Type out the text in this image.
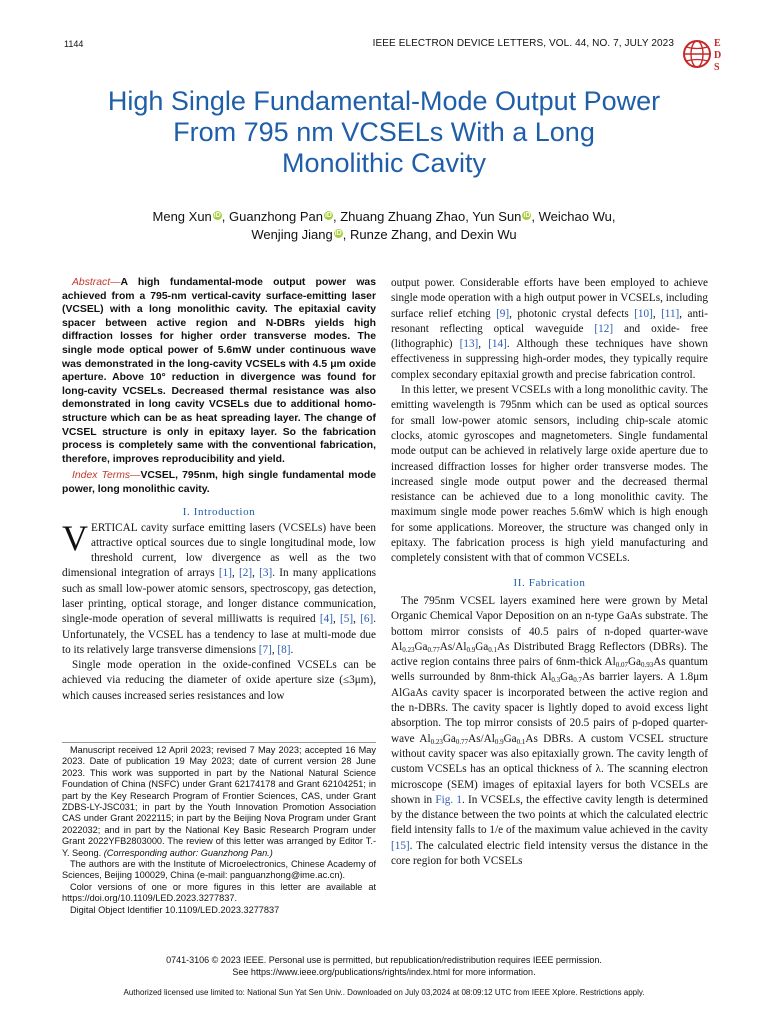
1144	IEEE ELECTRON DEVICE LETTERS, VOL. 44, NO. 7, JULY 2023	E
D
S
High Single Fundamental-Mode Output Power
From 795 nm VCSELs With a Long
Monolithic Cavity
Meng Xun iD, Guanzhong Pan iD, Zhuang Zhuang Zhao, Yun Sun iD, Weichao Wu,
Wenjing Jiang iD, Runze Zhang, and Dexin Wu

Abstract—A high fundamental-mode output power was achieved from a 795-nm vertical-cavity surface-emitting laser (VCSEL) with a long monolithic cavity. The epitaxial cavity spacer between active region and N-DBRs yields high diffraction losses for higher order transverse modes. The single mode optical power of 5.6mW under continuous wave was demonstrated in the long-cavity VCSELs with 4.5 μm oxide aperture. Above 10° reduction in divergence was found for long-cavity VCSELs. Decreased thermal resistance was also demonstrated in long cavity VCSELs due to additional homo-structure which can be as heat spreading layer. The change of VCSEL structure is only in epitaxy layer. So the fabrication process is completely same with the conventional fabrication, therefore, improves reproducibility and yield.

Index Terms—VCSEL, 795nm, high single fundamental mode power, long monolithic cavity.

I. Introduction

VERTICAL cavity surface emitting lasers (VCSELs) have been attractive optical sources due to single longitudinal mode, low threshold current, low divergence as well as the two dimensional integration of arrays [1], [2], [3]. In many applications such as small low-power atomic sensors, spectroscopy, gas detection, laser printing, optical storage, and longer distance communication, single-mode operation of several milliwatts is required [4], [5], [6]. Unfortunately, the VCSEL has a tendency to lase at multi-mode due to its relatively large transverse dimensions [7], [8].

Single mode operation in the oxide-confined VCSELs can be achieved via reducing the diameter of oxide aperture size (≤3μm), which causes increased series resistances and low

Manuscript received 12 April 2023; revised 7 May 2023; accepted 16 May 2023. Date of publication 19 May 2023; date of current version 28 June 2023. This work was supported in part by the National Natural Science Foundation of China (NSFC) under Grant 62174178 and Grant 62104251; in part by the Key Research Program of Frontier Sciences, CAS, under Grant ZDBS-LY-JSC031; in part by the Youth Innovation Promotion Association CAS under Grant 2022115; in part by the Beijing Nova Program under Grant 2022032; and in part by the National Key Basic Research Program under Grant 2022YFB2803000. The review of this letter was arranged by Editor T.-Y. Seong. (Corresponding author: Guanzhong Pan.)

The authors are with the Institute of Microelectronics, Chinese Academy of Sciences, Beijing 100029, China (e-mail: panguanzhong@ime.ac.cn).

Color versions of one or more figures in this letter are available at https://doi.org/10.1109/LED.2023.3277837.

Digital Object Identifier 10.1109/LED.2023.3277837

output power. Considerable efforts have been employed to achieve single mode operation with a high output power in VCSELs, including surface relief etching [9], photonic crystal defects [10], [11], anti-resonant reflecting optical waveguide [12] and oxide- free (lithographic) [13], [14]. Although these techniques have shown effectiveness in suppressing high-order modes, they typically require complex secondary epitaxial growth and precise fabrication control.

In this letter, we present VCSELs with a long monolithic cavity. The emitting wavelength is 795nm which can be used as optical sources for small low-power atomic sensors, including chip-scale atomic clocks, atomic gyroscopes and magnetometers. Single fundamental mode output can be achieved in relatively large oxide aperture due to increased diffraction losses for higher order transverse modes. The increased single mode output power and the decreased thermal resistance can be achieved due to a long monolithic cavity. The maximum single mode power reaches 5.6mW which is high enough for some applications. Moreover, the structure was changed only in epitaxy. The fabrication process is high yield manufacturing and completely consistent with that of common VCSELs.

II. Fabrication

The 795nm VCSEL layers examined here were grown by Metal Organic Chemical Vapor Deposition on an n-type GaAs substrate. The bottom mirror consists of 40.5 pairs of n-doped quarter-wave $Al_{0.23}Ga_{0.77}As/Al_{0.9}Ga_{0.1}As$ Distributed Bragg Reflectors (DBRs). The active region contains three pairs of 6nm-thick $Al_{0.07}Ga_{0.93}As$ quantum wells surrounded by 8nm-thick $Al_{0.3}Ga_{0.7}As$ barrier layers. A 1.8μm AlGaAs cavity spacer is incorporated between the active region and the n-DBRs. The cavity spacer is lightly doped to avoid excess light absorption. The top mirror consists of 20.5 pairs of p-doped quarter-wave $Al_{0.23}Ga_{0.77}As/Al_{0.9}Ga_{0.1}As$ DBRs. A custom VCSEL structure without cavity spacer was also epitaxially grown. The cavity length of custom VCSELs has an optical thickness of λ. The scanning electron microscope (SEM) images of epitaxial layers for both VCSELs are shown in Fig. 1. In VCSELs, the effective cavity length is determined by the distance between the two points at which the calculated electric field intensity falls to 1/e of the maximum value achieved in the cavity [15]. The calculated electric field intensity versus the distance in the core region for both VCSELs

0741-3106 © 2023 IEEE. Personal use is permitted, but republication/redistribution requires IEEE permission.
See https://www.ieee.org/publications/rights/index.html for more information.
Authorized licensed use limited to: National Sun Yat Sen Univ.. Downloaded on July 03,2024 at 08:09:12 UTC from IEEE Xplore. Restrictions apply.
